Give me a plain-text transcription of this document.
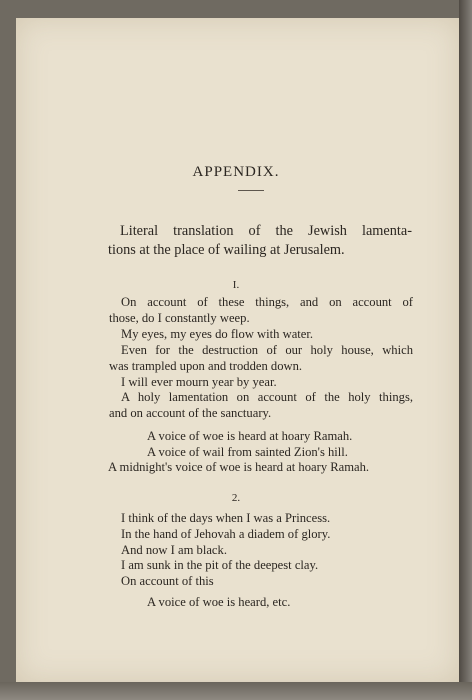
APPENDIX.
Literal translation of the Jewish lamenta-
tions at the place of wailing at Jerusalem.
I.
On account of these things, and on account of
those, do I constantly weep.
My eyes, my eyes do flow with water.
Even for the destruction of our holy house, which
was trampled upon and trodden down.
I will ever mourn year by year.
A holy lamentation on account of the holy things,
and on account of the sanctuary.
A voice of woe is heard at hoary Ramah.
A voice of wail from sainted Zion's hill.
A midnight's voice of woe is heard at hoary Ramah.
2.
I think of the days when I was a Princess.
In the hand of Jehovah a diadem of glory.
And now I am black.
I am sunk in the pit of the deepest clay.
On account of this
A voice of woe is heard, etc.
